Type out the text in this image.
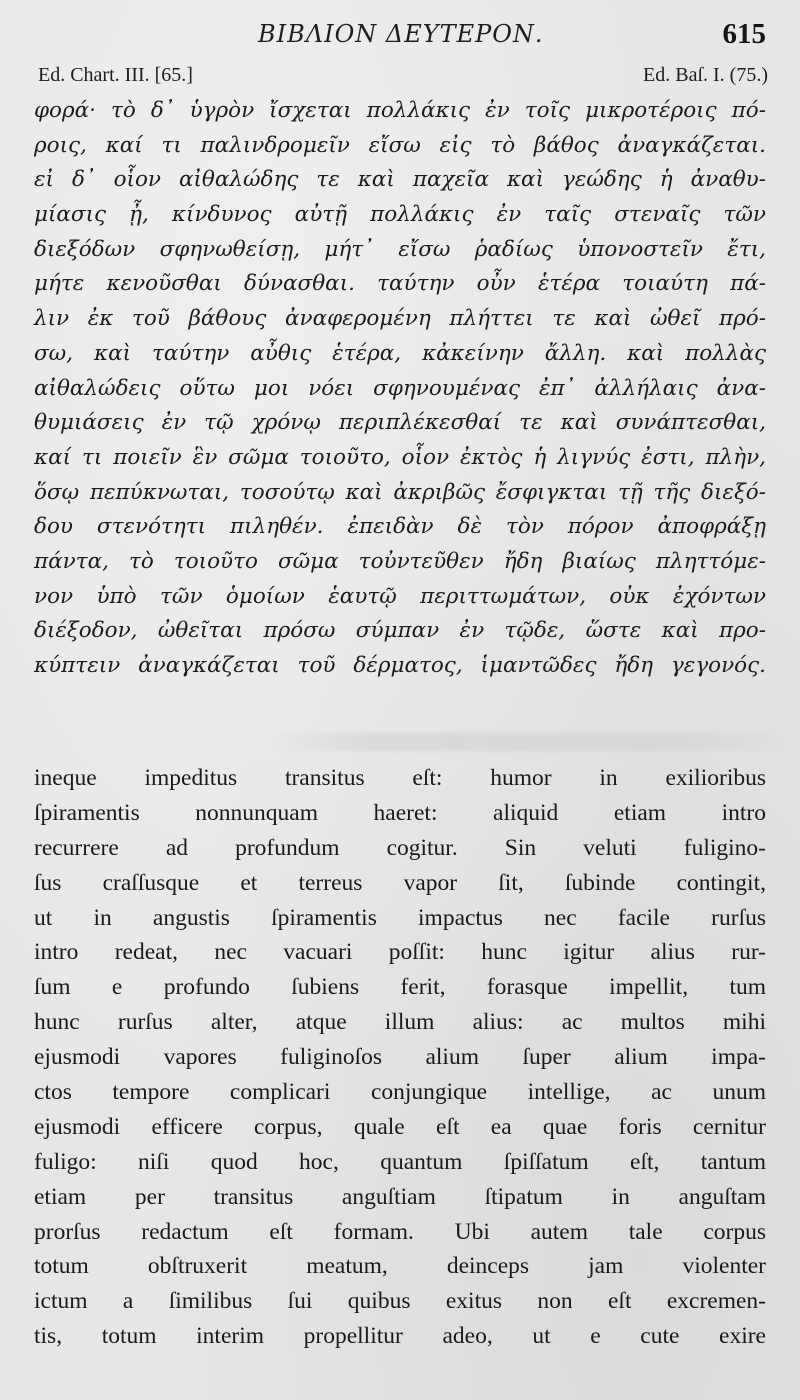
BIBΛΙΟΝ ΔΕΥΤΕΡΟΝ.	615
Ed. Chart. III. [65.]	Ed. Baſ. I. (75.)
φορά· τὸ δ᾽ ὑγρὸν ἴσχεται πολλάκις ἐν τοῖς μικροτέροις πό-
ροις, καί τι παλινδρομεῖν εἴσω εἰς τὸ βάθος ἀναγκάζεται.
εἰ δ᾽ οἷον αἰθαλώδης τε καὶ παχεῖα καὶ γεώδης ἡ ἀναθυ-
μίασις ᾖ, κίνδυνος αὐτῇ πολλάκις ἐν ταῖς στεναῖς τῶν
διεξόδων σφηνωθείσῃ, μήτ᾽ εἴσω ῥαδίως ὑπονοστεῖν ἔτι,
μήτε κενοῦσθαι δύνασθαι. ταύτην οὖν ἑτέρα τοιαύτη πά-
λιν ἐκ τοῦ βάθους ἀναφερομένη πλήττει τε καὶ ὠθεῖ πρό-
σω, καὶ ταύτην αὖθις ἑτέρα, κἀκείνην ἄλλη. καὶ πολλὰς
αἰθαλώδεις οὕτω μοι νόει σφηνουμένας ἐπ᾽ ἀλλήλαις ἀνα-
θυμιάσεις ἐν τῷ χρόνῳ περιπλέκεσθαί τε καὶ συνάπτεσθαι,
καί τι ποιεῖν ἓν σῶμα τοιοῦτο, οἷον ἐκτὸς ἡ λιγνύς ἐστι, πλὴν,
ὅσῳ πεπύκνωται, τοσούτῳ καὶ ἀκριβῶς ἔσφιγκται τῇ τῆς διεξό-
δου στενότητι πιληθέν. ἐπειδὰν δὲ τὸν πόρον ἀποφράξῃ
πάντα, τὸ τοιοῦτο σῶμα τοὐντεῦθεν ἤδη βιαίως πληττόμε-
νον ὑπὸ τῶν ὁμοίων ἑαυτῷ περιττωμάτων, οὐκ ἐχόντων
διέξοδον, ὠθεῖται πρόσω σύμπαν ἐν τῷδε, ὥστε καὶ προ-
κύπτειν ἀναγκάζεται τοῦ δέρματος, ἱμαντῶδες ἤδη γεγονός.
ineque impeditus transitus eſt: humor in exilioribus
ſpiramentis nonnunquam haeret: aliquid etiam intro
recurrere ad profundum cogitur. Sin veluti fuligino-
ſus craſſusque et terreus vapor ſit, ſubinde contingit,
ut in angustis ſpiramentis impactus nec facile rurſus
intro redeat, nec vacuari poſſit: hunc igitur alius rur-
ſum e profundo ſubiens ferit, forasque impellit, tum
hunc rurſus alter, atque illum alius: ac multos mihi
ejusmodi vapores fuliginoſos alium ſuper alium impa-
ctos tempore complicari conjungique intellige, ac unum
ejusmodi efficere corpus, quale eſt ea quae foris cernitur
fuligo: niſi quod hoc, quantum ſpiſſatum eſt, tantum
etiam per transitus anguſtiam ſtipatum in anguſtam
prorſus redactum eſt formam. Ubi autem tale corpus
totum obſtruxerit meatum, deinceps jam violenter
ictum a ſimilibus ſui quibus exitus non eſt excremen-
tis, totum interim propellitur adeo, ut e cute exire
